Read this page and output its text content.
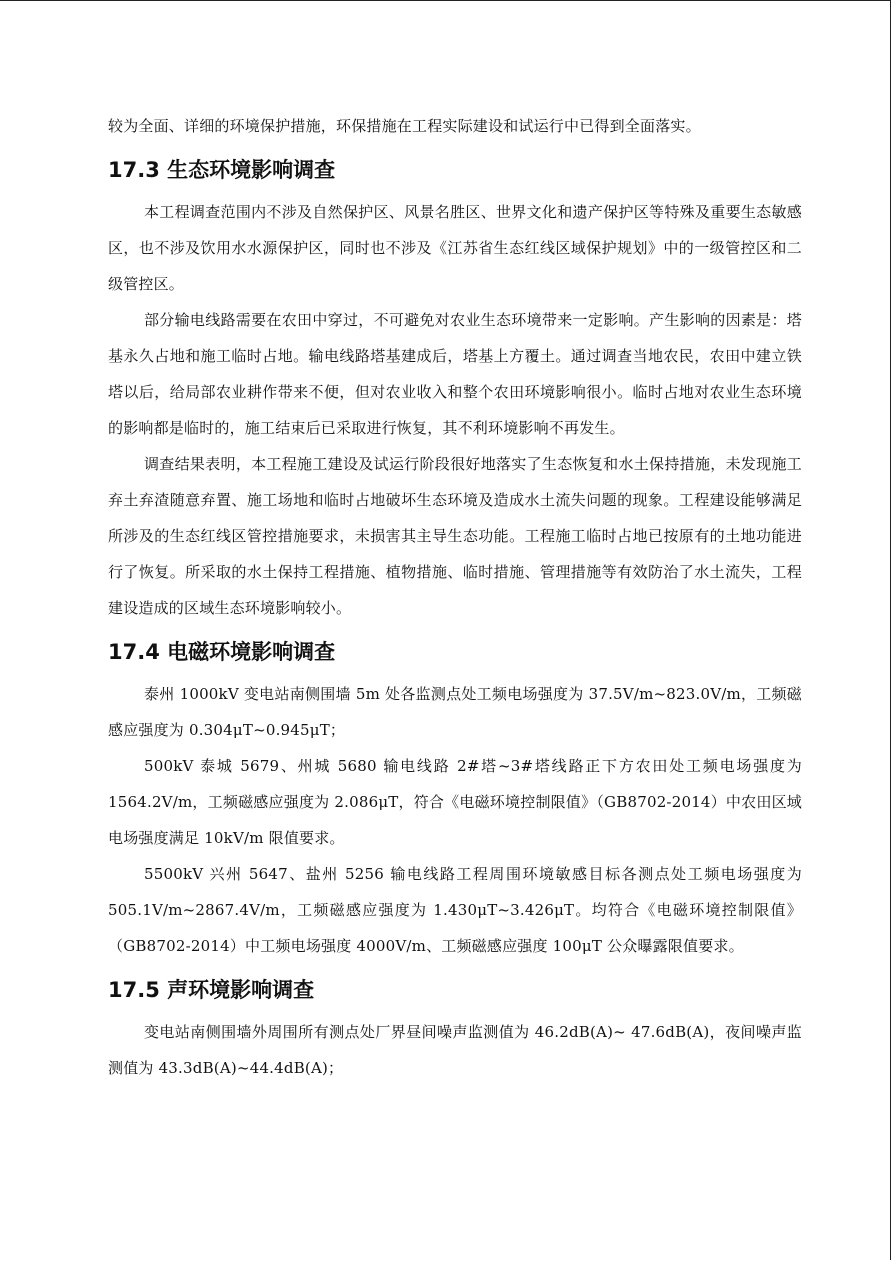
较为全面、详细的环境保护措施，环保措施在工程实际建设和试运行中已得到全面落实。

17.3 生态环境影响调查

本工程调查范围内不涉及自然保护区、风景名胜区、世界文化和遗产保护区等特殊及重要生态敏感区，也不涉及饮用水水源保护区，同时也不涉及《江苏省生态红线区域保护规划》中的一级管控区和二级管控区。

部分输电线路需要在农田中穿过，不可避免对农业生态环境带来一定影响。产生影响的因素是：塔基永久占地和施工临时占地。输电线路塔基建成后，塔基上方覆土。通过调查当地农民，农田中建立铁塔以后，给局部农业耕作带来不便，但对农业收入和整个农田环境影响很小。临时占地对农业生态环境的影响都是临时的，施工结束后已采取进行恢复，其不利环境影响不再发生。

调查结果表明，本工程施工建设及试运行阶段很好地落实了生态恢复和水土保持措施，未发现施工弃土弃渣随意弃置、施工场地和临时占地破坏生态环境及造成水土流失问题的现象。工程建设能够满足所涉及的生态红线区管控措施要求，未损害其主导生态功能。工程施工临时占地已按原有的土地功能进行了恢复。所采取的水土保持工程措施、植物措施、临时措施、管理措施等有效防治了水土流失，工程建设造成的区域生态环境影响较小。

17.4 电磁环境影响调查

泰州 1000kV 变电站南侧围墙 5m 处各监测点处工频电场强度为 37.5V/m~823.0V/m，工频磁感应强度为 0.304μT~0.945μT；

500kV 泰城 5679、州城 5680 输电线路 2#塔~3#塔线路正下方农田处工频电场强度为 1564.2V/m，工频磁感应强度为 2.086μT，符合《电磁环境控制限值》（GB8702-2014）中农田区域电场强度满足 10kV/m 限值要求。

5500kV 兴州 5647、盐州 5256 输电线路工程周围环境敏感目标各测点处工频电场强度为 505.1V/m~2867.4V/m，工频磁感应强度为 1.430μT~3.426μT。均符合《电磁环境控制限值》（GB8702-2014）中工频电场强度 4000V/m、工频磁感应强度 100μT 公众曝露限值要求。

17.5 声环境影响调查

变电站南侧围墙外周围所有测点处厂界昼间噪声监测值为 46.2dB(A)~ 47.6dB(A)，夜间噪声监测值为 43.3dB(A)~44.4dB(A)；
